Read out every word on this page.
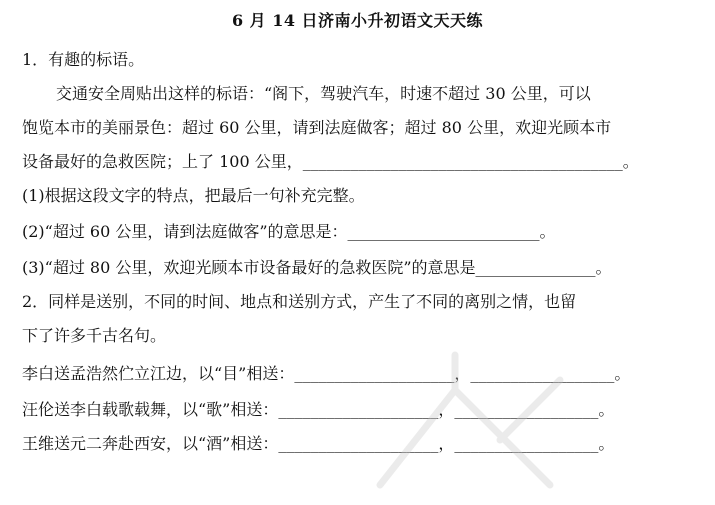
6 月 14 日济南小升初语文天天练
1．有趣的标语。
交通安全周贴出这样的标语：“阁下，驾驶汽车，时速不超过 30 公里，可以
饱览本市的美丽景色：超过 60 公里，请到法庭做客；超过 80 公里，欢迎光顾本市
设备最好的急救医院；上了 100 公里，________________________________________。
(1)根据这段文字的特点，把最后一句补充完整。
(2)“超过 60 公里，请到法庭做客”的意思是：________________________。
(3)“超过 80 公里，欢迎光顾本市设备最好的急救医院”的意思是_______________。
2．同样是送别，不同的时间、地点和送别方式，产生了不同的离别之情，也留
下了许多千古名句。
李白送孟浩然伫立江边，以“目”相送：____________________，__________________。
汪伦送李白载歌载舞，以“歌”相送：____________________，__________________。
王维送元二奔赴西安，以“酒”相送：____________________，__________________。
